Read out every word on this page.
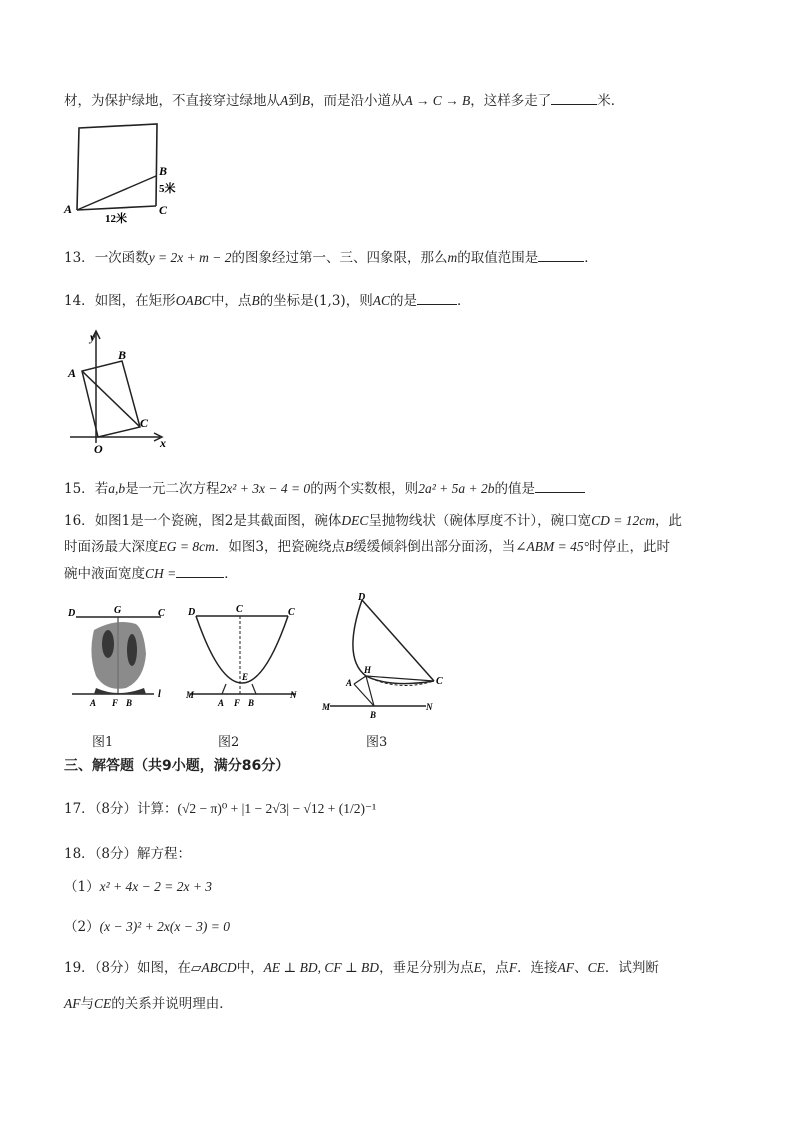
材，为保护绿地，不直接穿过绿地从A到B，而是沿小道从A → C → B，这样多走了	米．
A
B
C
5米
12米
13．一次函数y = 2x + m − 2的图象经过第一、三、四象限，那么m的取值范围是	．
14．如图，在矩形OABC中，点B的坐标是(1,3)，则AC的是	．
y
x
A
B
C
O
15．若a,b是一元二次方程2x² + 3x − 4 = 0的两个实数根，则2a² + 5a + 2b的值是
16．如图1是一个瓷碗，图2是其截面图，碗体DEC呈抛物线状（碗体厚度不计），碗口宽CD = 12cm，此
时面汤最大深度EG = 8cm．如图3，把瓷碗绕点B缓缓倾斜倒出部分面汤，当∠ABM = 45°时停止，此时
碗中液面宽度CH =	．
D	G	C
l
A F B
D	C	C
E
M
A F B
N
D
H
A	C
M
B
N
图1	图2	图3
三、解答题（共9小题，满分86分）
17．（8分）计算：(√2 − π)⁰ + |1 − 2√3| − √12 + (1/2)⁻¹
18．（8分）解方程：
（1）x² + 4x − 2 = 2x + 3
（2）(x − 3)² + 2x(x − 3) = 0
19．（8分）如图，在▱ABCD中，AE ⊥ BD, CF ⊥ BD，垂足分别为点E，点F．连接AF、CE．试判断
AF与CE的关系并说明理由．
